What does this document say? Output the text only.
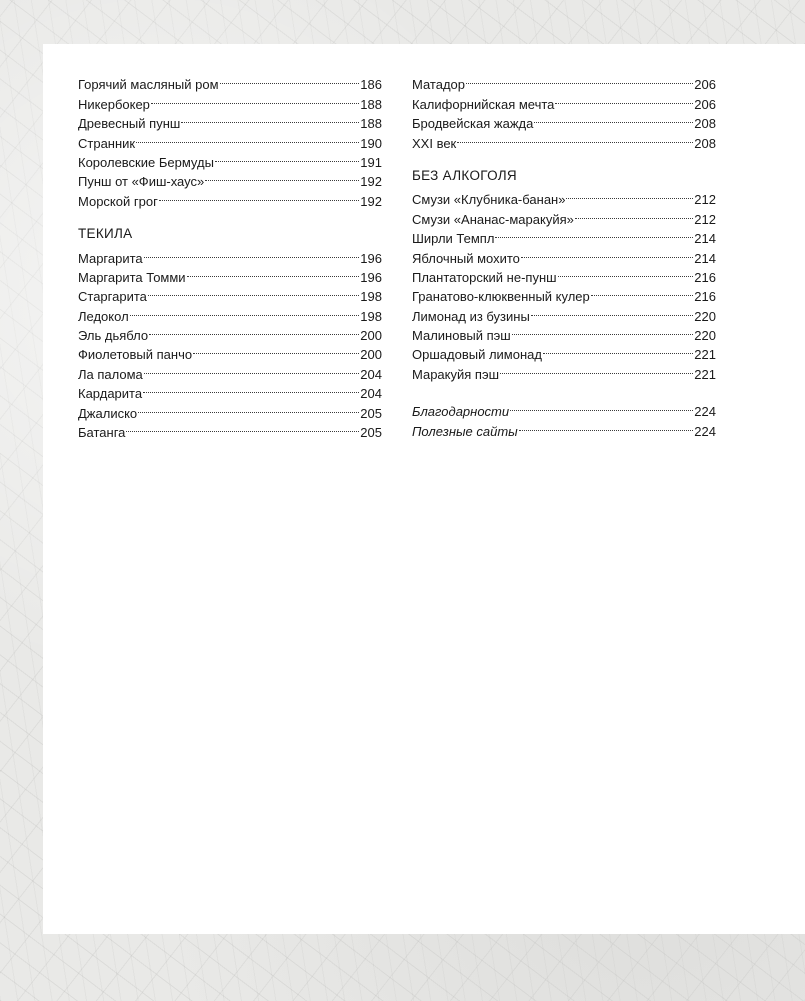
Горячий масляный ром	186
Никербокер	188
Древесный пунш	188
Странник	190
Королевские Бермуды	191
Пунш от «Фиш-хаус»	192
Морской грог	192
ТЕКИЛА
Маргарита	196
Маргарита Томми	196
Старгарита	198
Ледокол	198
Эль дьябло	200
Фиолетовый панчо	200
Ла палома	204
Кардарита	204
Джалиско	205
Батанга	205
Матадор	206
Калифорнийская мечта	206
Бродвейская жажда	208
XXI век	208
БЕЗ АЛКОГОЛЯ
Смузи «Клубника-банан»	212
Смузи «Ананас-маракуйя»	212
Ширли Темпл	214
Яблочный мохито	214
Плантаторский не-пунш	216
Гранатово-клюквенный кулер	216
Лимонад из бузины	220
Малиновый пэш	220
Оршадовый лимонад	221
Маракуйя пэш	221
Благодарности	224
Полезные сайты	224
